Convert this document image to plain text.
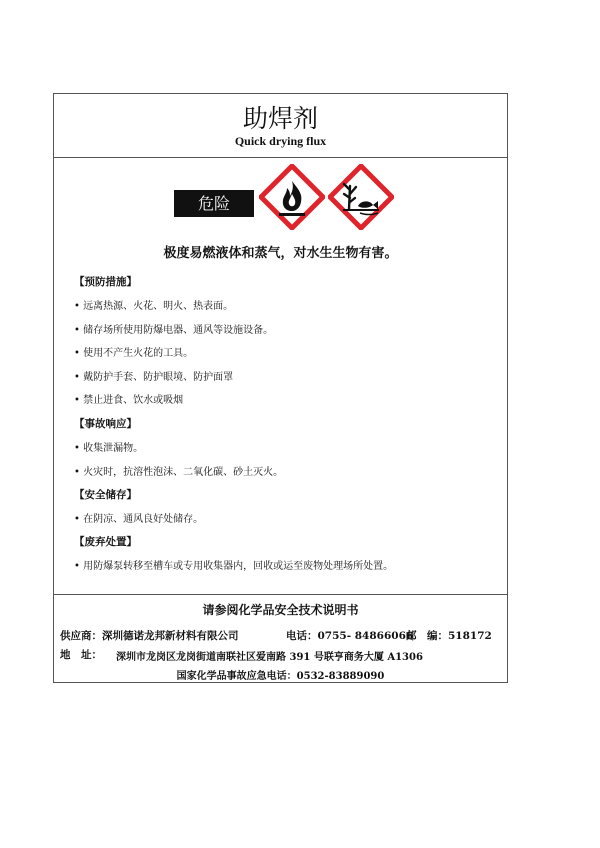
助焊剂
Quick drying flux
危险
极度易燃液体和蒸气，对水生生物有害。
【预防措施】
• 远离热源、火花、明火、热表面。
• 储存场所使用防爆电器、通风等设施设备。
• 使用不产生火花的工具。
• 戴防护手套、防护眼境、防护面罩
• 禁止进食、饮水或吸烟
【事故响应】
• 收集泄漏物。
• 火灾时，抗溶性泡沫、二氧化碳、砂土灭火。
【安全储存】
• 在阴凉、通风良好处储存。
【废弃处置】
• 用防爆泵转移至槽车或专用收集器内，回收或运至废物处理场所处置。
请参阅化学品安全技术说明书
供应商：深圳德诺龙邦新材料有限公司	电话：0755- 84866066
邮　编：518172
地　址： 深圳市龙岗区龙岗街道南联社区爱南路 391 号联亨商务大厦 A1306
国家化学品事故应急电话：0532-83889090
